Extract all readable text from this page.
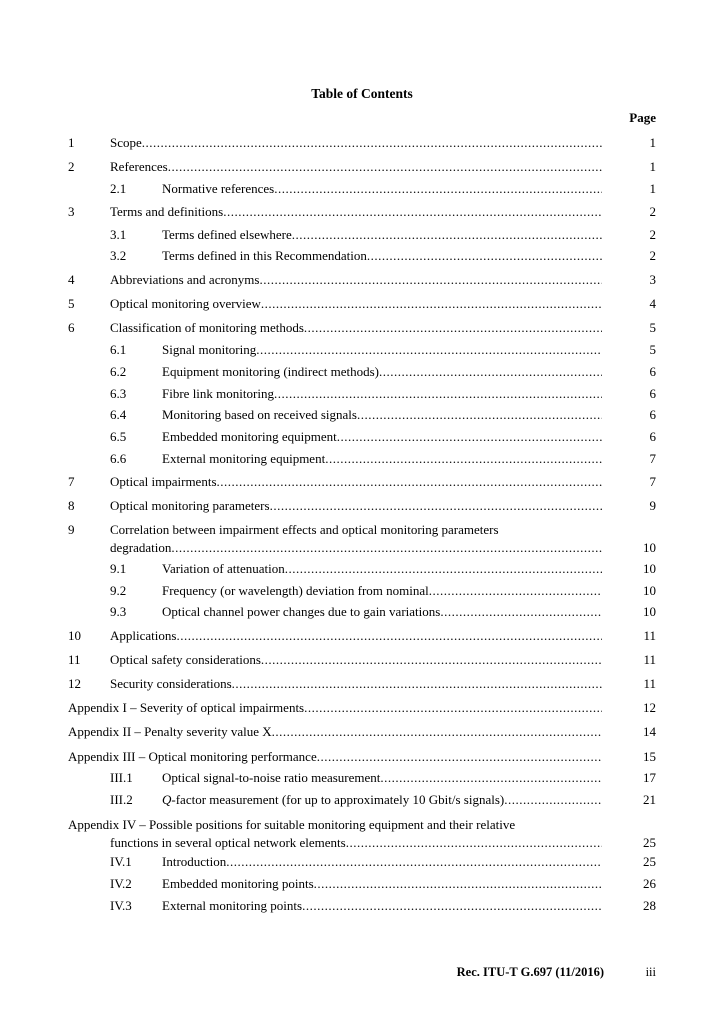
Table of Contents
Page
1	Scope .....	1
2	References .....	1
2.1	Normative references .....	1
3	Terms and definitions .....	2
3.1	Terms defined elsewhere .....	2
3.2	Terms defined in this Recommendation .....	2
4	Abbreviations and acronyms .....	3
5	Optical monitoring overview .....	4
6	Classification of monitoring methods .....	5
6.1	Signal monitoring .....	5
6.2	Equipment monitoring (indirect methods) .....	6
6.3	Fibre link monitoring .....	6
6.4	Monitoring based on received signals .....	6
6.5	Embedded monitoring equipment .....	6
6.6	External monitoring equipment .....	7
7	Optical impairments .....	7
8	Optical monitoring parameters .....	9
9	Correlation between impairment effects and optical monitoring parameters
degradation .....	10
9.1	Variation of attenuation .....	10
9.2	Frequency (or wavelength) deviation from nominal .....	10
9.3	Optical channel power changes due to gain variations .....	10
10 Applications .....	11
11 Optical safety considerations .....	11
12 Security considerations .....	11
Appendix I – Severity of optical impairments .....	12
Appendix II – Penalty severity value X .....	14
Appendix III – Optical monitoring performance .....	15
III.1 Optical signal-to-noise ratio measurement .....	17
III.2 Q-factor measurement (for up to approximately 10 Gbit/s signals) .....	21
Appendix IV – Possible positions for suitable monitoring equipment and their relative
functions in several optical network elements .....	25
IV.1 Introduction .....	25
IV.2 Embedded monitoring points .....	26
IV.3 External monitoring points .....	28
Rec. ITU-T G.697 (11/2016)	iii
